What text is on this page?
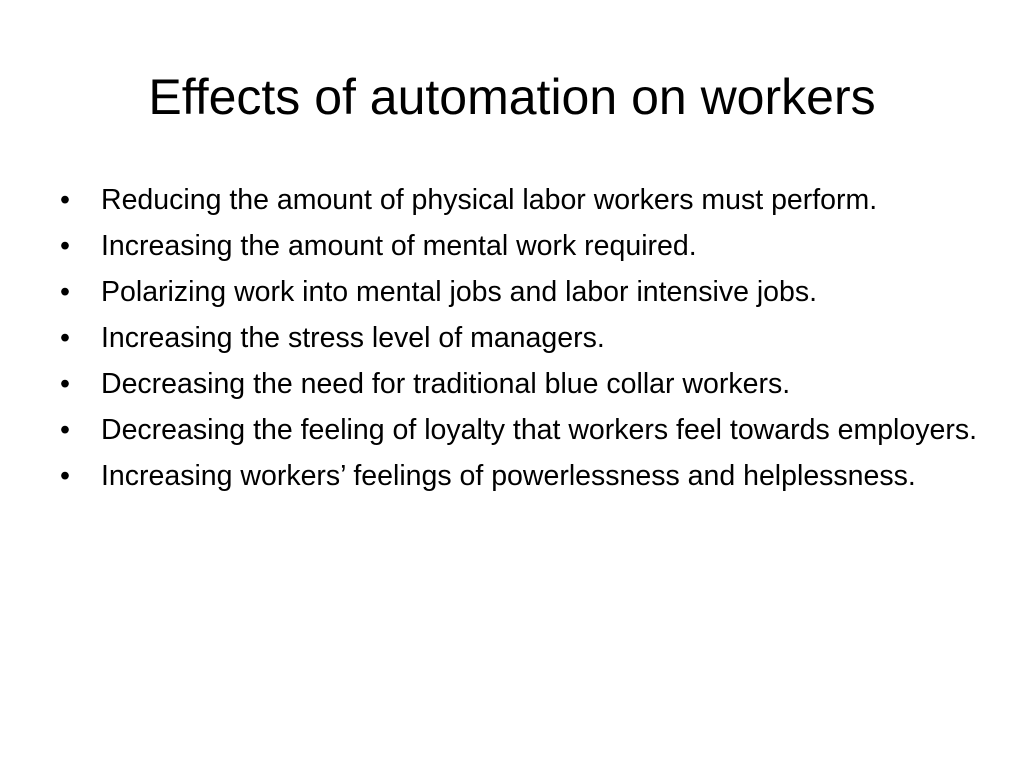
Effects of automation on workers
•	Reducing the amount of physical labor workers must perform.
•	Increasing the amount of mental work required.
•	Polarizing work into mental jobs and labor intensive jobs.
•	Increasing the stress level of managers.
•	Decreasing the need for traditional blue collar workers.
•	Decreasing the feeling of loyalty that workers feel towards employers.
•	Increasing workers’ feelings of powerlessness and helplessness.
